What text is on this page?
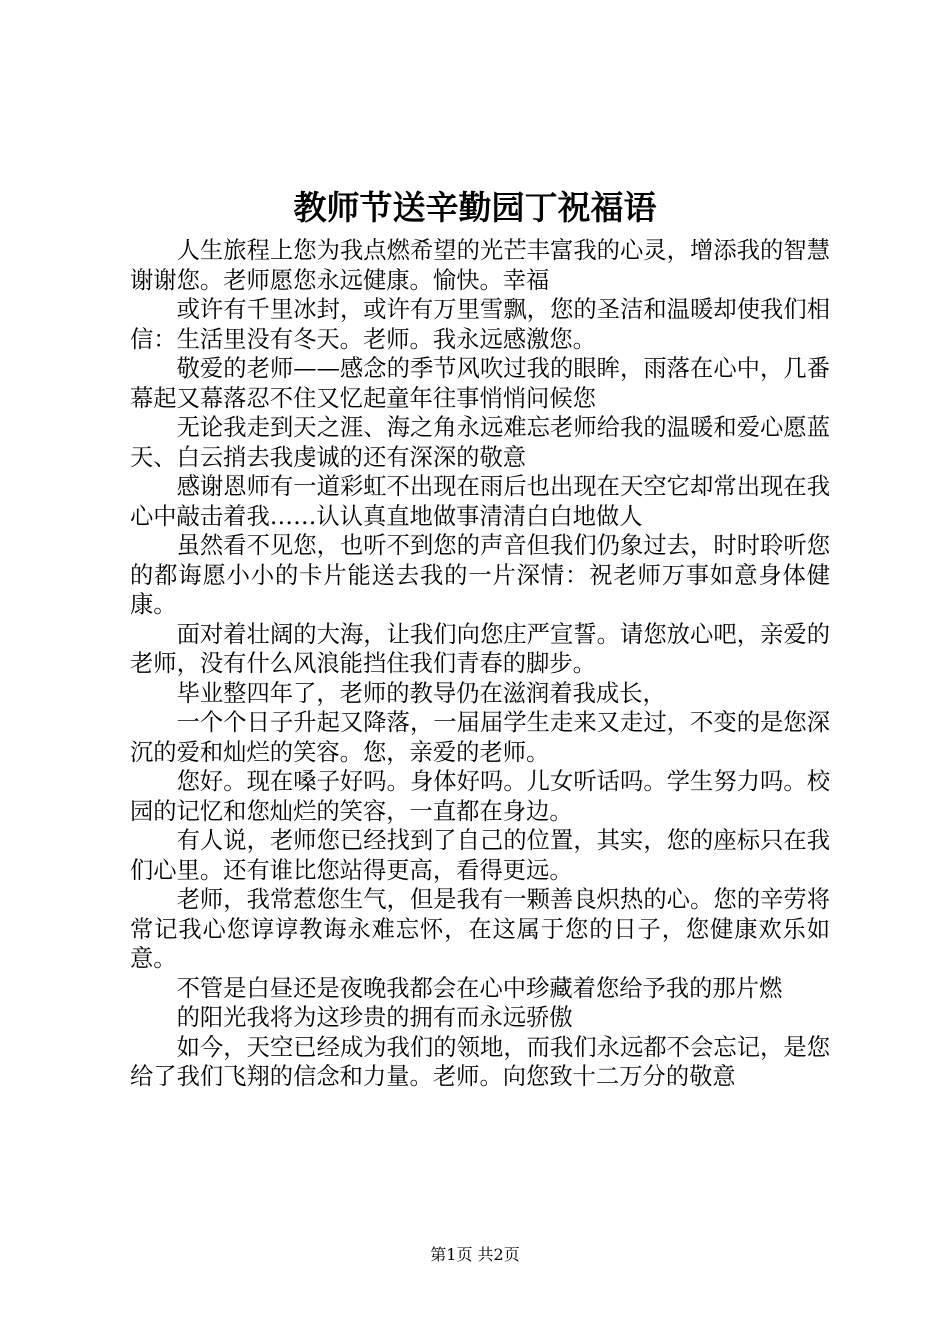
教师节送辛勤园丁祝福语

人生旅程上您为我点燃希望的光芒丰富我的心灵，增添我的智慧谢谢您。老师愿您永远健康。愉快。幸福

或许有千里冰封，或许有万里雪飘，您的圣洁和温暖却使我们相信：生活里没有冬天。老师。我永远感激您。

敬爱的老师——感念的季节风吹过我的眼眸，雨落在心中，几番幕起又幕落忍不住又忆起童年往事悄悄问候您

无论我走到天之涯、海之角永远难忘老师给我的温暖和爱心愿蓝天、白云捎去我虔诚的还有深深的敬意

感谢恩师有一道彩虹不出现在雨后也出现在天空它却常出现在我心中敲击着我……认认真直地做事清清白白地做人

虽然看不见您，也听不到您的声音但我们仍象过去，时时聆听您的都诲愿小小的卡片能送去我的一片深情：祝老师万事如意身体健康。

面对着壮阔的大海，让我们向您庄严宣誓。请您放心吧，亲爱的老师，没有什么风浪能挡住我们青春的脚步。

毕业整四年了，老师的教导仍在滋润着我成长，

一个个日子升起又降落，一届届学生走来又走过，不变的是您深沉的爱和灿烂的笑容。您，亲爱的老师。

您好。现在嗓子好吗。身体好吗。儿女听话吗。学生努力吗。校园的记忆和您灿烂的笑容，一直都在身边。

有人说，老师您已经找到了自己的位置，其实，您的座标只在我们心里。还有谁比您站得更高，看得更远。

老师，我常惹您生气，但是我有一颗善良炽热的心。您的辛劳将常记我心您谆谆教诲永难忘怀，在这属于您的日子，您健康欢乐如意。

不管是白昼还是夜晚我都会在心中珍藏着您给予我的那片燃

的阳光我将为这珍贵的拥有而永远骄傲

如今，天空已经成为我们的领地，而我们永远都不会忘记，是您给了我们飞翔的信念和力量。老师。向您致十二万分的敬意

第1页 共2页
